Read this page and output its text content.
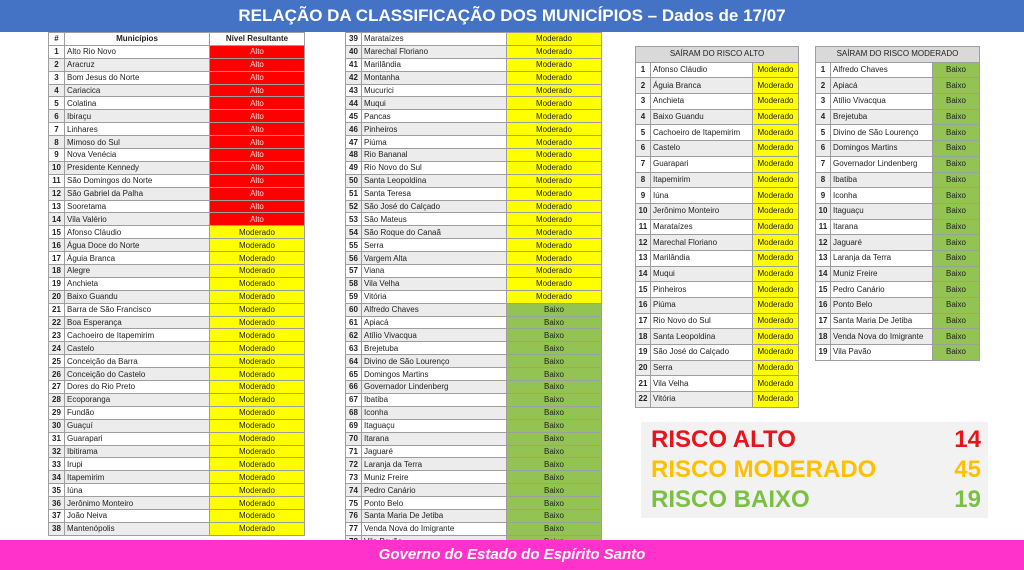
RELAÇÃO DA CLASSIFICAÇÃO DOS MUNICÍPIOS – Dados de 17/07
#	Municípios	Nível Resultante
1	Alto Rio Novo	Alto
2	Aracruz	Alto
3	Bom Jesus do Norte	Alto
4	Cariacica	Alto
5	Colatina	Alto
6	Ibiraçu	Alto
7	Linhares	Alto
8	Mimoso do Sul	Alto
9	Nova Venécia	Alto
10	Presidente Kennedy	Alto
11	São Domingos do Norte	Alto
12	São Gabriel da Palha	Alto
13	Sooretama	Alto
14	Vila Valério	Alto
15	Afonso Cláudio	Moderado
16	Água Doce do Norte	Moderado
17	Águia Branca	Moderado
18	Alegre	Moderado
19	Anchieta	Moderado
20	Baixo Guandu	Moderado
21	Barra de São Francisco	Moderado
22	Boa Esperança	Moderado
23	Cachoeiro de Itapemirim	Moderado
24	Castelo	Moderado
25	Conceição da Barra	Moderado
26	Conceição do Castelo	Moderado
27	Dores do Rio Preto	Moderado
28	Ecoporanga	Moderado
29	Fundão	Moderado
30	Guaçuí	Moderado
31	Guarapari	Moderado
32	Ibitirama	Moderado
33	Irupi	Moderado
34	Itapemirim	Moderado
35	Iúna	Moderado
36	Jerônimo Monteiro	Moderado
37	João Neiva	Moderado
38	Mantenópolis	Moderado
39	Marataízes	Moderado
40	Marechal Floriano	Moderado
41	Marilândia	Moderado
42	Montanha	Moderado
43	Mucurici	Moderado
44	Muqui	Moderado
45	Pancas	Moderado
46	Pinheiros	Moderado
47	Piúma	Moderado
48	Rio Bananal	Moderado
49	Rio Novo do Sul	Moderado
50	Santa Leopoldina	Moderado
51	Santa Teresa	Moderado
52	São José do Calçado	Moderado
53	São Mateus	Moderado
54	São Roque do Canaã	Moderado
55	Serra	Moderado
56	Vargem Alta	Moderado
57	Viana	Moderado
58	Vila Velha	Moderado
59	Vitória	Moderado
60	Alfredo Chaves	Baixo
61	Apiacá	Baixo
62	Atílio Vivacqua	Baixo
63	Brejetuba	Baixo
64	Divino de São Lourenço	Baixo
65	Domingos Martins	Baixo
66	Governador Lindenberg	Baixo
67	Ibatiba	Baixo
68	Iconha	Baixo
69	Itaguaçu	Baixo
70	Itarana	Baixo
71	Jaguaré	Baixo
72	Laranja da Terra	Baixo
73	Muniz Freire	Baixo
74	Pedro Canário	Baixo
75	Ponto Belo	Baixo
76	Santa Maria De Jetiba	Baixo
77	Venda Nova do Imigrante	Baixo

SAÍRAM DO RISCO ALTO		
1	Afonso Cláudio	Moderado
2	Águia Branca	Moderado
3	Anchieta	Moderado
4	Baixo Guandu	Moderado
5	Cachoeiro de Itapemirim	Moderado
6	Castelo	Moderado
7	Guarapari	Moderado
8	Itapemirim	Moderado
9	Iúna	Moderado
10	Jerônimo Monteiro	Moderado
11	Marataízes	Moderado
12	Marechal Floriano	Moderado
13	Marilândia	Moderado
14	Muqui	Moderado
15	Pinheiros	Moderado
16	Piúma	Moderado
17	Rio Novo do Sul	Moderado
18	Santa Leopoldina	Moderado
19	São José do Calçado	Moderado
20	Serra	Moderado
21	Vila Velha	Moderado
22	Vitória	Moderado
SAÍRAM DO RISCO MODERADO		
1	Alfredo Chaves	Baixo
2	Apiacá	Baixo
3	Atílio Vivacqua	Baixo
4	Brejetuba	Baixo
5	Divino de São Lourenço	Baixo
6	Domingos Martins	Baixo
7	Governador Lindenberg	Baixo
8	Ibatiba	Baixo
9	Iconha	Baixo
10	Itaguaçu	Baixo
11	Itarana	Baixo
12	Jaguaré	Baixo
13	Laranja da Terra	Baixo
14	Muniz Freire	Baixo
15	Pedro Canário	Baixo
16	Ponto Belo	Baixo
17	Santa Maria De Jetiba	Baixo
18	Venda Nova do Imigrante	Baixo
19	Vila Pavão	Baixo
RISCO ALTO	14
RISCO MODERADO	45
RISCO BAIXO	19
Governo do Estado do Espírito Santo
